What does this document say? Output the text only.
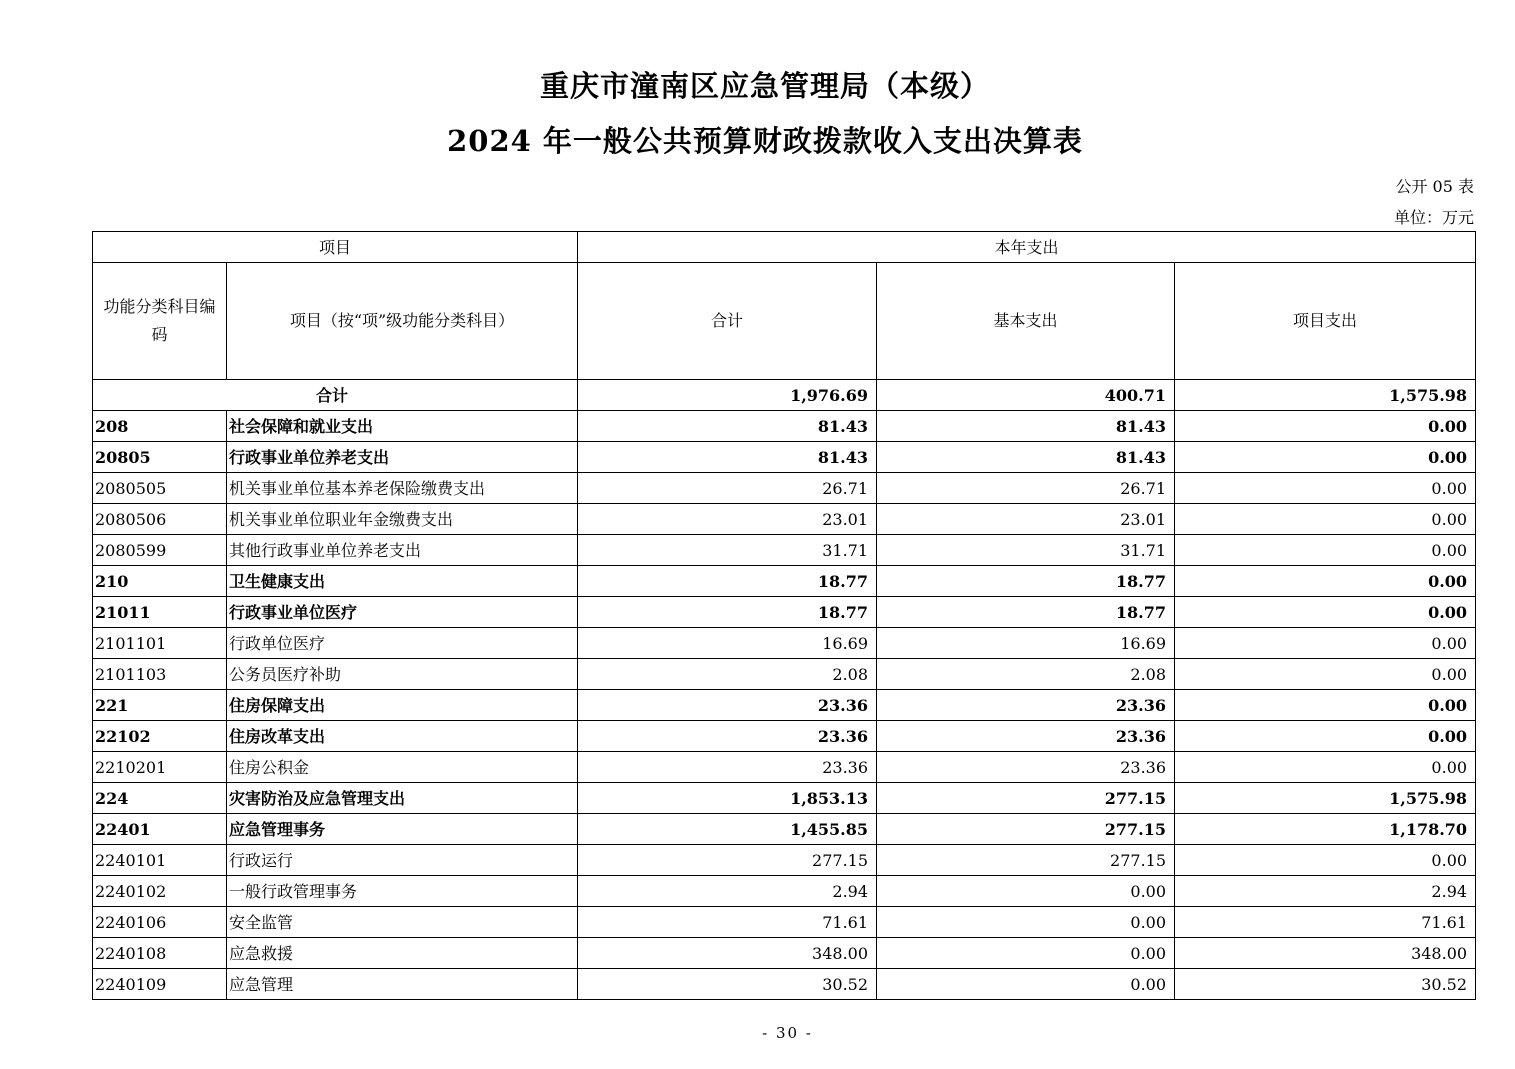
重庆市潼南区应急管理局（本级）
2024 年一般公共预算财政拨款收入支出决算表
公开 05 表
单位：万元
项目		本年支出		
功能分类科目编码	项目（按“项”级功能分类科目）	合计	基本支出	项目支出
合计		1,976.69	400.71	1,575.98
208	社会保障和就业支出	81.43	81.43	0.00
20805	行政事业单位养老支出	81.43	81.43	0.00
2080505	机关事业单位基本养老保险缴费支出	26.71	26.71	0.00
2080506	机关事业单位职业年金缴费支出	23.01	23.01	0.00
2080599	其他行政事业单位养老支出	31.71	31.71	0.00
210	卫生健康支出	18.77	18.77	0.00
21011	行政事业单位医疗	18.77	18.77	0.00
2101101	行政单位医疗	16.69	16.69	0.00
2101103	公务员医疗补助	2.08	2.08	0.00
221	住房保障支出	23.36	23.36	0.00
22102	住房改革支出	23.36	23.36	0.00
2210201	住房公积金	23.36	23.36	0.00
224	灾害防治及应急管理支出	1,853.13	277.15	1,575.98
22401	应急管理事务	1,455.85	277.15	1,178.70
2240101	行政运行	277.15	277.15	0.00
2240102	一般行政管理事务	2.94	0.00	2.94
2240106	安全监管	71.61	0.00	71.61
2240108	应急救援	348.00	0.00	348.00
2240109	应急管理	30.52	0.00	30.52
- 30 -
